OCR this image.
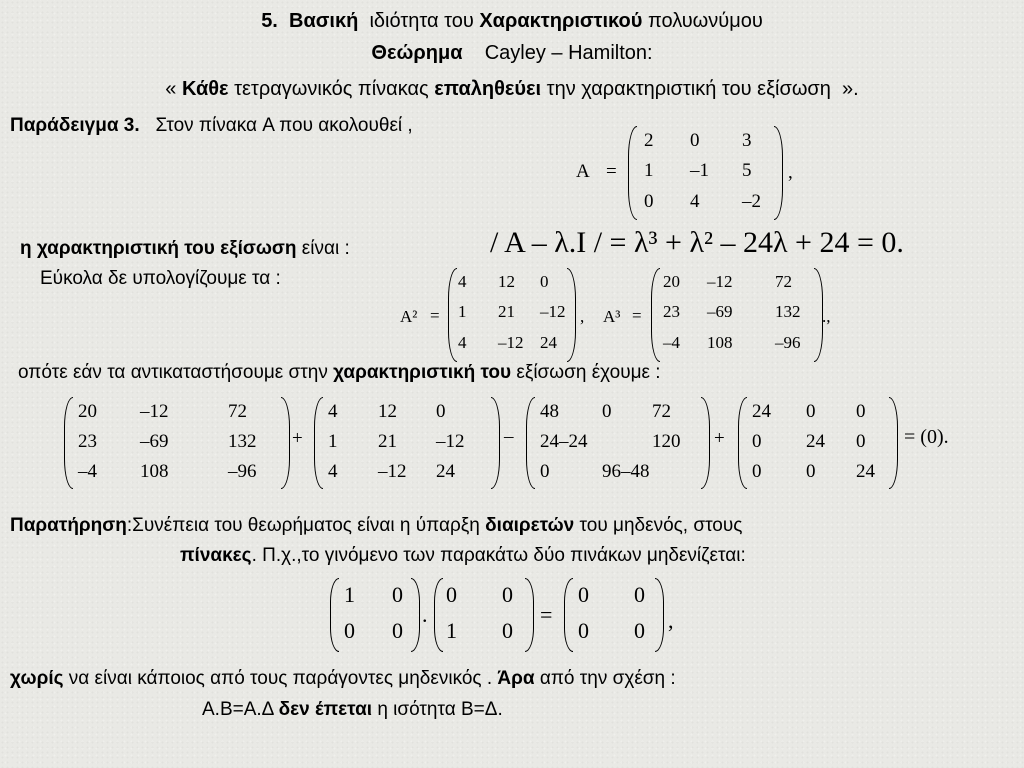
5. Βασική ιδιότητα του Χαρακτηριστικού πολυωνύμου
Θεώρημα Cayley – Hamilton:
« Κάθε τετραγωνικός πίνακας επαληθεύει την χαρακτηριστική του εξίσωση ».
Παράδειγμα 3. Στον πίνακα A που ακολουθεί ,
A =
2 0 3
1 –1 5
0 4 –2
,
η χαρακτηριστική του εξίσωση είναι :	/ A – λ.I / = λ³ + λ² – 24λ + 24 = 0.
Εύκολα δε υπολογίζουμε τα :
A² =
4 12 0
1 21 –12
4 –12 24
, A³ =
20 –12	72
23 –69	132
–4 108	–96
.,
οπότε εάν τα αντικαταστήσουμε στην χαρακτηριστική του εξίσωση έχουμε :
20 –12	72
23 –69	132
–4 108	–96
+
4 12 0
1 21 –12
4 –12 24
–
48 0 72
24–24	120
0	96–48
+
24 0 0
0 24 0
0 0 24
= (0).
Παρατήρηση:Συνέπεια του θεωρήματος είναι η ύπαρξη διαιρετών του μηδενός, στους
πίνακες. Π.χ.,το γινόμενο των παρακάτω δύο πινάκων μηδενίζεται:
1 0
0 0
.
0 0
1 0
=
0 0
0 0 ,
χωρίς να είναι κάποιος από τους παράγοντες μηδενικός . Άρα από την σχέση :
A.B=A.Δ δεν έπεται η ισότητα B=Δ.
